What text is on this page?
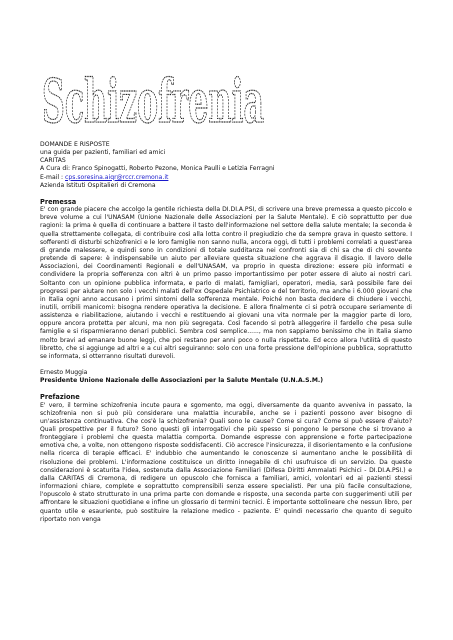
Schizofrenia

DOMANDE E RISPOSTE

una guida per pazienti, familiari ed amici

CARITAS

A Cura di: Franco Spinogatti, Roberto Pezone, Monica Paulli e Letizia Ferragni

E-mail : cps.soresina.aiqr@rccr.cremona.it

Azienda Istituti Ospitalieri di Cremona

Premessa

E' con grande piacere che accolgo la gentile richiesta della DI.DI.A.PSI, di scrivere una breve premessa a questo piccolo e breve volume a cui l'UNASAM (Unione Nazionale delle Associazioni per la Salute Mentale). E ciò soprattutto per due ragioni: la prima è quella di continuare a battere il tasto dell'informazione nel settore della salute mentale; la seconda è quella strettamente collegata, di contribuire così alla lotta contro il pregiudizio che da sempre grava in questo settore. I sofferenti di disturbi schizofrenici e le loro famiglie non sanno nulla, ancora oggi, di tutti i problemi correlati a quest'area di grande malessere, e quindi sono in condizioni di totale sudditanza nei confronti sia di chi sa che di chi sovente pretende di sapere: è indispensabile un aiuto per alleviare questa situazione che aggrava il disagio. Il lavoro delle Associazioni, dei Coordinamenti Regionali e dell'UNASAM, va proprio in questa direzione: essere più informati e condividere la propria sofferenza con altri è un primo passo importantissimo per poter essere di aiuto ai nostri cari. Soltanto con un opinione pubblica informata, e parlo di malati, famigliari, operatori, media, sarà possibile fare dei progressi per aiutare non solo i vecchi malati dell'ex Ospedale Psichiatrico e del territorio, ma anche i 6.000 giovani che in Italia ogni anno accusano i primi sintomi della sofferenza mentale. Poiché non basta decidere di chiudere i vecchi, inutili, orribili manicomi: bisogna rendere operativa la decisione. E allora finalmente ci si potrà occupare seriamente di assistenza e riabilitazione, aiutando i vecchi e restituendo ai giovani una vita normale per la maggior parte di loro, oppure ancora protetta per alcuni, ma non più segregata. Così facendo si potrà alleggerire il fardello che pesa sulle famiglie e si risparmieranno denari pubblici. Sembra così semplice......, ma non sappiamo benissimo che in Italia siamo molto bravi ad emanare buone leggi, che poi restano per anni poco o nulla rispettate. Ed ecco allora l'utilità di questo libretto, che si aggiunge ad altri e a cui altri seguiranno: solo con una forte pressione dell'opinione pubblica, soprattutto se informata, si otterranno risultati durevoli.

Ernesto Muggia

Presidente Unione Nazionale delle Associazioni per la Salute Mentale (U.N.A.S.M.)

Prefazione

E' vero, il termine schizofrenia incute paura e sgomento, ma oggi, diversamente da quanto avveniva in passato, la schizofrenia non si può più considerare una malattia incurabile, anche se i pazienti possono aver bisogno di un'assistenza continuativa. Che cos'è la schizofrenia? Quali sono le cause? Come si cura? Come si può essere d'aiuto? Quali prospettive per il futuro? Sono questi gli interrogativi che più spesso si pongono le persone che si trovano a fronteggiare i problemi che questa malattia comporta. Domande espresse con apprensione e forte partecipazione emotiva che, a volte, non ottengono risposte soddisfacenti. Ciò accresce l'insicurezza, il disorientamento e la confusione nella ricerca di terapie efficaci. E' indubbio che aumentando le conoscenze si aumentano anche le possibilità di risoluzione dei problemi. L'informazione costituisce un diritto innegabile di chi usufruisce di un servizio. Da queste considerazioni è scaturita l'idea, sostenuta dalla Associazione Familiari (Difesa Diritti Ammalati Psichici - DI.DI.A.PSI.) e dalla CARITAS di Cremona, di redigere un opuscolo che fornisca a familiari, amici, volontari ed ai pazienti stessi informazioni chiare, complete e soprattutto comprensibili senza essere specialisti. Per una più facile consultazione, l'opuscolo è stato strutturato in una prima parte con domande e risposte, una seconda parte con suggerimenti utili per affrontare le situazioni quotidiane e infine un glossario di termini tecnici. È importante sottolineare che nessun libro, per quanto utile e esauriente, può sostituire la relazione medico - paziente. E' quindi necessario che quanto di seguito riportato non venga
